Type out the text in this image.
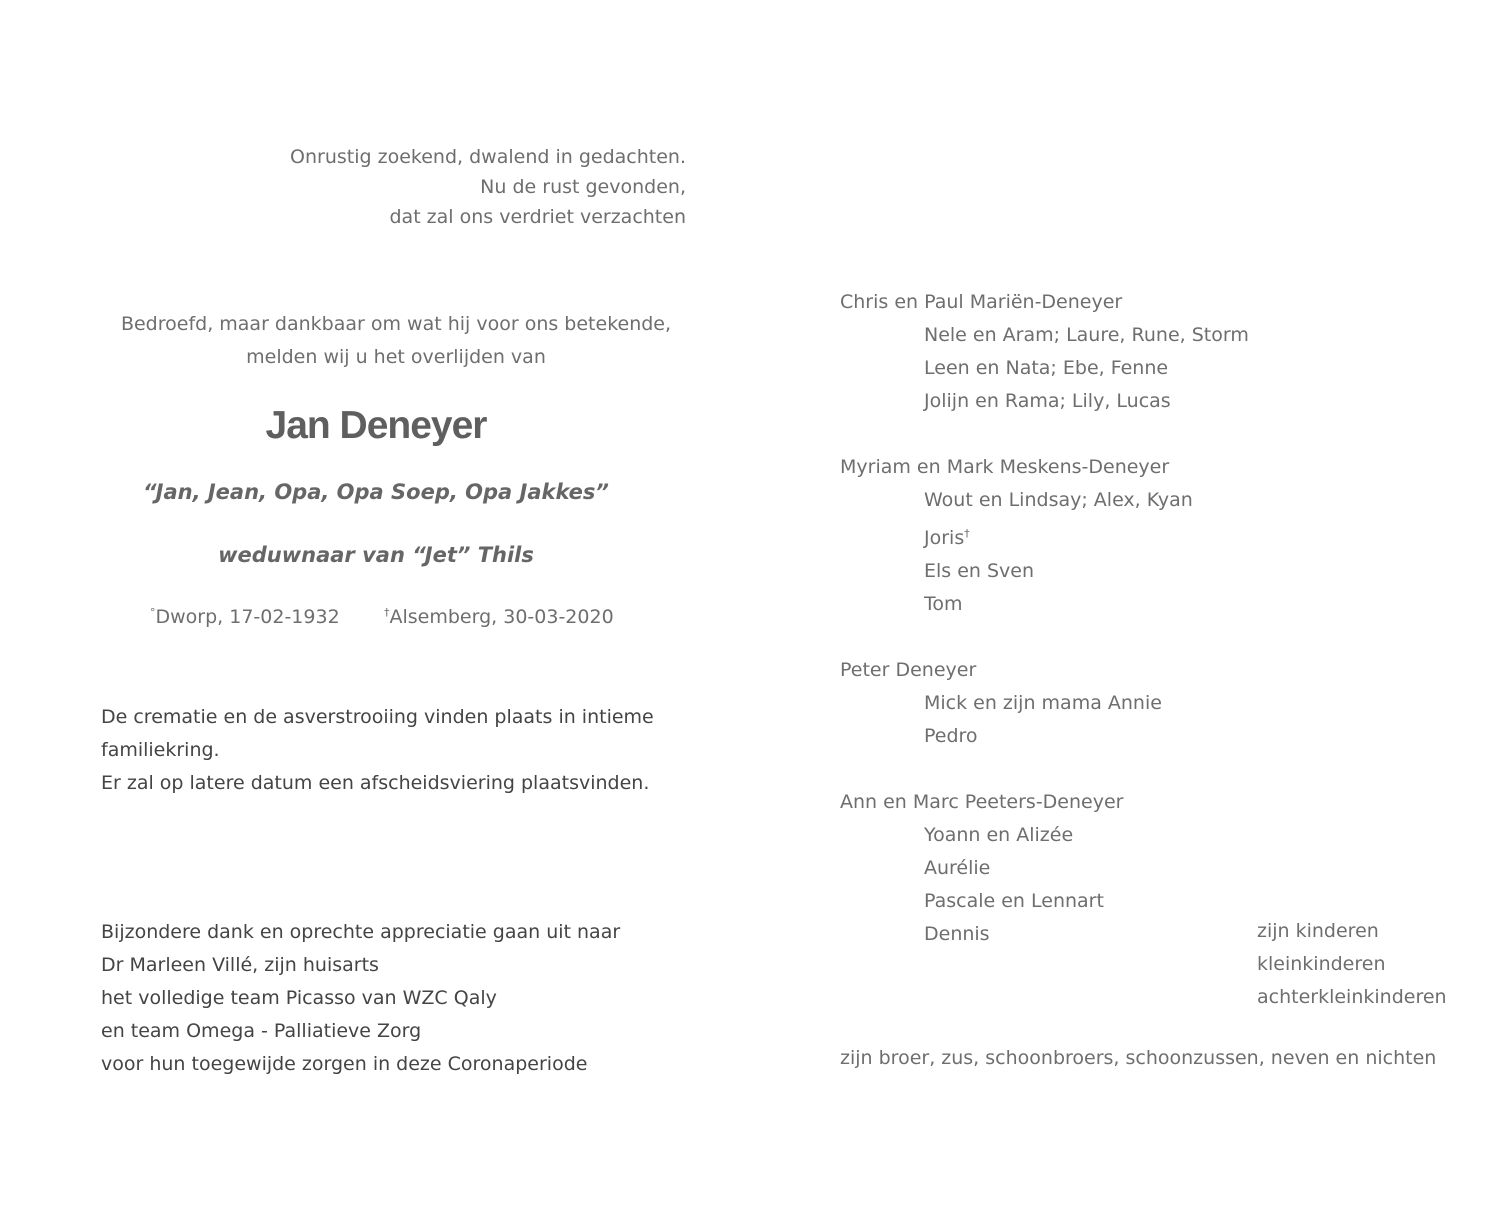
Onrustig zoekend, dwalend in gedachten.
Nu de rust gevonden,
dat zal ons verdriet verzachten
Bedroefd, maar dankbaar om wat hij voor ons betekende,
melden wij u het overlijden van
Jan Deneyer
“Jan, Jean, Opa, Opa Soep, Opa Jakkes”
weduwnaar van “Jet” Thils
°Dworp, 17-02-1932	†Alsemberg, 30-03-2020
De crematie en de asverstrooiing vinden plaats in intieme
familiekring.
Er zal op latere datum een afscheidsviering plaatsvinden.
Bijzondere dank en oprechte appreciatie gaan uit naar
Dr Marleen Villé, zijn huisarts
het volledige team Picasso van WZC Qaly
en team Omega - Palliatieve Zorg
voor hun toegewijde zorgen in deze Coronaperiode
Chris en Paul Mariën-Deneyer
Nele en Aram; Laure, Rune, Storm
Leen en Nata; Ebe, Fenne
Jolijn en Rama; Lily, Lucas
Myriam en Mark Meskens-Deneyer
Wout en Lindsay; Alex, Kyan
Joris†
Els en Sven
Tom
Peter Deneyer
Mick en zijn mama Annie
Pedro
Ann en Marc Peeters-Deneyer
Yoann en Alizée
Aurélie
Pascale en Lennart
Dennis	zijn kinderen
kleinkinderen
achterkleinkinderen
zijn broer, zus, schoonbroers, schoonzussen, neven en nichten
